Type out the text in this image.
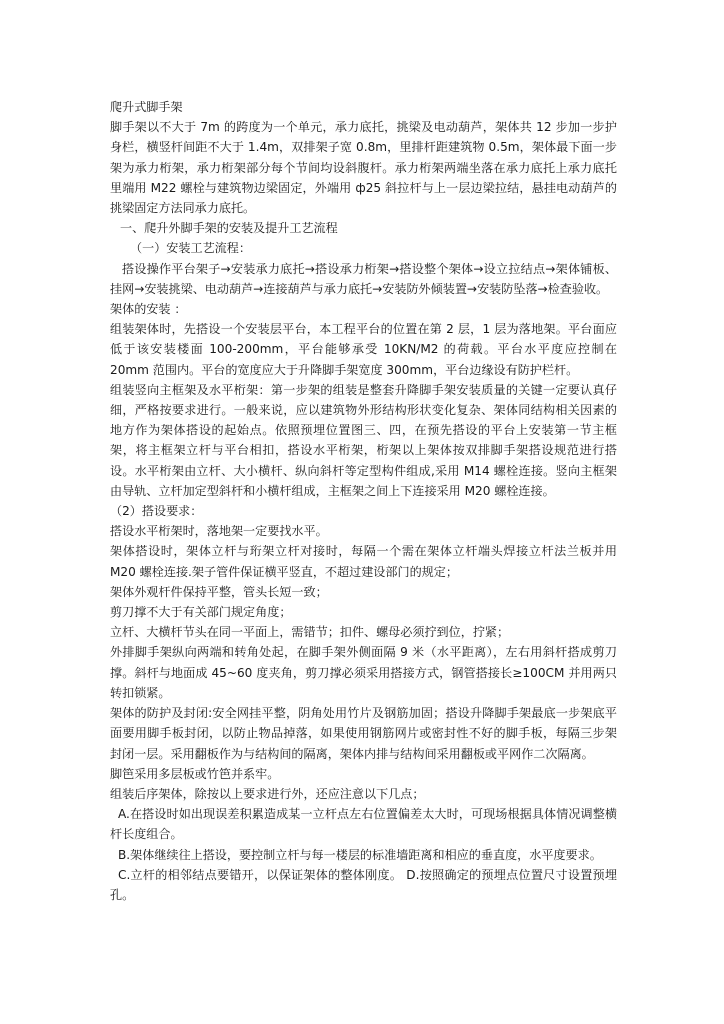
爬升式脚手架

脚手架以不大于 7m 的跨度为一个单元，承力底托，挑梁及电动葫芦，架体共 12 步加一步护身栏，横竖杆间距不大于 1.4m，双排架子宽 0.8m，里排杆距建筑物 0.5m，架体最下面一步架为承力桁架，承力桁架部分每个节间均设斜腹杆。承力桁架两端坐落在承力底托上承力底托里端用 M22 螺栓与建筑物边梁固定，外端用 ф25 斜拉杆与上一层边梁拉结，悬挂电动葫芦的挑梁固定方法同承力底托。

一、爬升外脚手架的安装及提升工艺流程

（一）安装工艺流程：

搭设操作平台架子→安装承力底托→搭设承力桁架→搭设整个架体→设立拉结点→架体铺板、挂网→安装挑梁、电动葫芦→连接葫芦与承力底托→安装防外倾装置→安装防坠落→检查验收。

架体的安装 ：

组装架体时，先搭设一个安装层平台，本工程平台的位置在第 2 层，1 层为落地架。平台面应低于该安装楼面 100-200mm，平台能够承受 10KN/M2 的荷载。平台水平度应控制在 20mm 范围内。平台的宽度应大于升降脚手架宽度 300mm，平台边缘设有防护栏杆。

组装竖向主框架及水平桁架：第一步架的组装是整套升降脚手架安装质量的关键一定要认真仔细，严格按要求进行。一般来说，应以建筑物外形结构形状变化复杂、架体同结构相关因素的地方作为架体搭设的起始点。依照预埋位置图三、四，在预先搭设的平台上安装第一节主框架，将主框架立杆与平台相扣，搭设水平桁架，桁架以上架体按双排脚手架搭设规范进行搭设。水平桁架由立杆、大小横杆、纵向斜杆等定型构件组成,采用 M14 螺栓连接。竖向主框架由导轨、立杆加定型斜杆和小横杆组成，主框架之间上下连接采用 M20 螺栓连接。

（2）搭设要求：

搭设水平桁架时，落地架一定要找水平。

架体搭设时，架体立杆与珩架立杆对接时，每隔一个需在架体立杆端头焊接立杆法兰板并用 M20 螺栓连接.架子管件保证横平竖直，不超过建设部门的规定；

架体外观杆件保持平整，管头长短一致；

剪刀撑不大于有关部门规定角度；

立杆、大横杆节头在同一平面上，需错节；扣件、螺母必须拧到位，拧紧；

外排脚手架纵向两端和转角处起，在脚手架外侧面隔 9 米（水平距离），左右用斜杆搭成剪刀撑。斜杆与地面成 45~60 度夹角，剪刀撑必须采用搭接方式，钢管搭接长≥100CM 并用两只转扣锁紧。

架体的防护及封闭:安全网挂平整，阴角处用竹片及钢筋加固；搭设升降脚手架最底一步架底平面要用脚手板封闭，以防止物品掉落，如果使用钢筋网片或密封性不好的脚手板，每隔三步架封闭一层。采用翻板作为与结构间的隔离，架体内排与结构间采用翻板或平网作二次隔离。

脚笆采用多层板或竹笆并系牢。

组装后序架体，除按以上要求进行外，还应注意以下几点；

A.在搭设时如出现误差积累造成某一立杆点左右位置偏差太大时，可现场根据具体情况调整横杆长度组合。

B.架体继续往上搭设，要控制立杆与每一楼层的标准墙距离和相应的垂直度，水平度要求。

C.立杆的相邻结点要错开，以保证架体的整体刚度。 D.按照确定的预埋点位置尺寸设置预埋孔。
